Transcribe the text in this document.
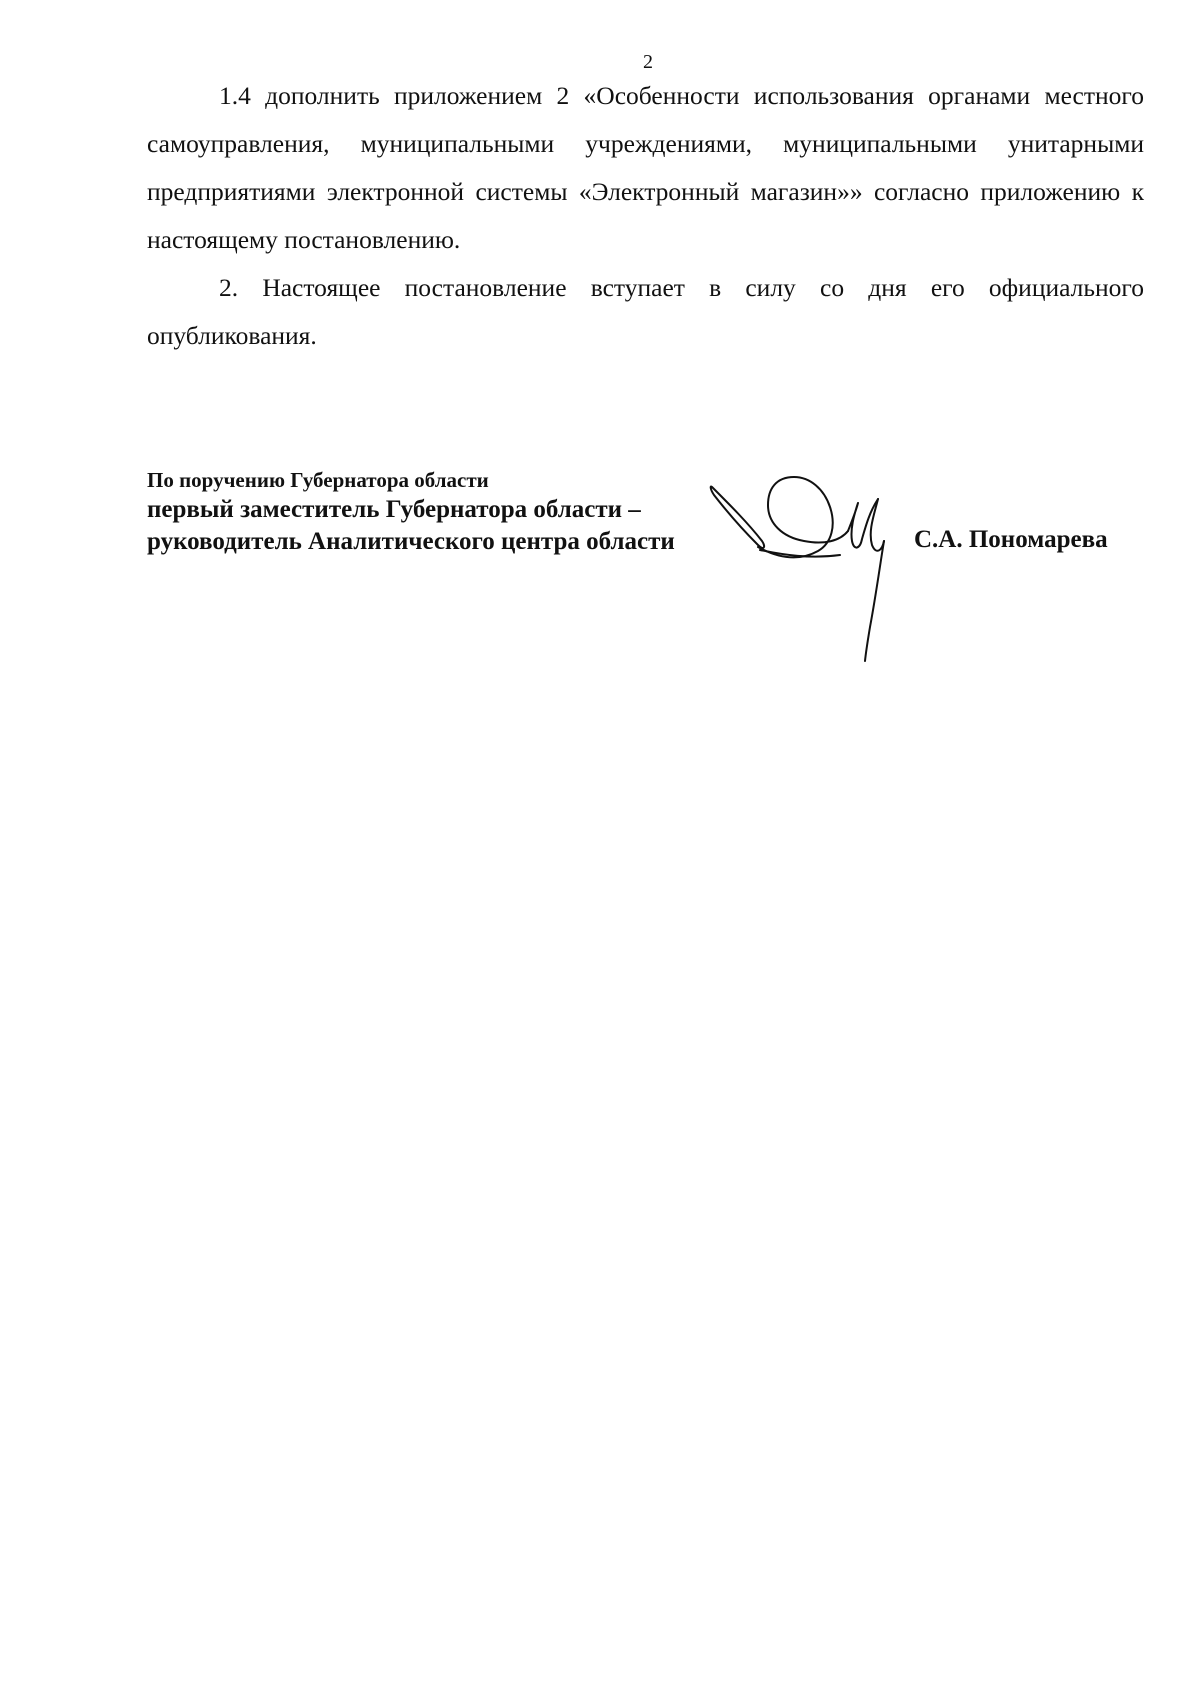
2

1.4 дополнить приложением 2 «Особенности использования органами местного самоуправления, муниципальными учреждениями, муниципальными унитарными предприятиями электронной системы «Электронный магазин»» согласно приложению к настоящему постановлению.

2. Настоящее постановление вступает в силу со дня его официального опубликования.

По поручению Губернатора области

первый заместитель Губернатора области –

руководитель Аналитического центра области	С.А. Пономарева
